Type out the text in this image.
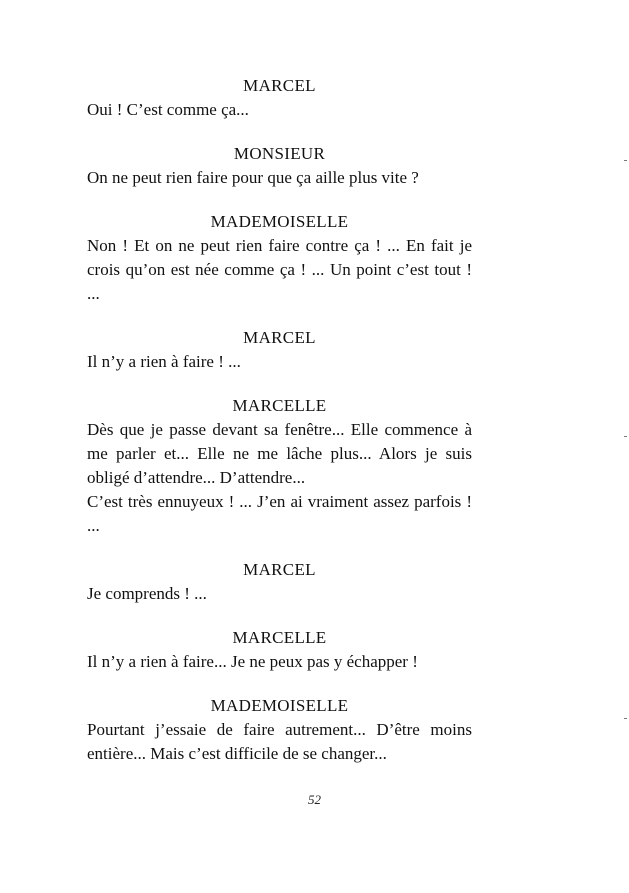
MARCEL

Oui ! C’est comme ça...

MONSIEUR

On ne peut rien faire pour que ça aille plus vite ?

MADEMOISELLE

Non ! Et on ne peut rien faire contre ça ! ... En fait je crois qu’on est née comme ça ! ... Un point c’est tout ! ...

MARCEL

Il n’y a rien à faire ! ...

MARCELLE

Dès que je passe devant sa fenêtre... Elle commence à me parler et... Elle ne me lâche plus... Alors je suis obligé d’attendre... D’attendre...

C’est très ennuyeux ! ... J’en ai vraiment assez parfois ! ...

MARCEL

Je comprends ! ...

MARCELLE

Il n’y a rien à faire... Je ne peux pas y échapper !

MADEMOISELLE

Pourtant j’essaie de faire autrement... D’être moins entière... Mais c’est difficile de se changer...

52
